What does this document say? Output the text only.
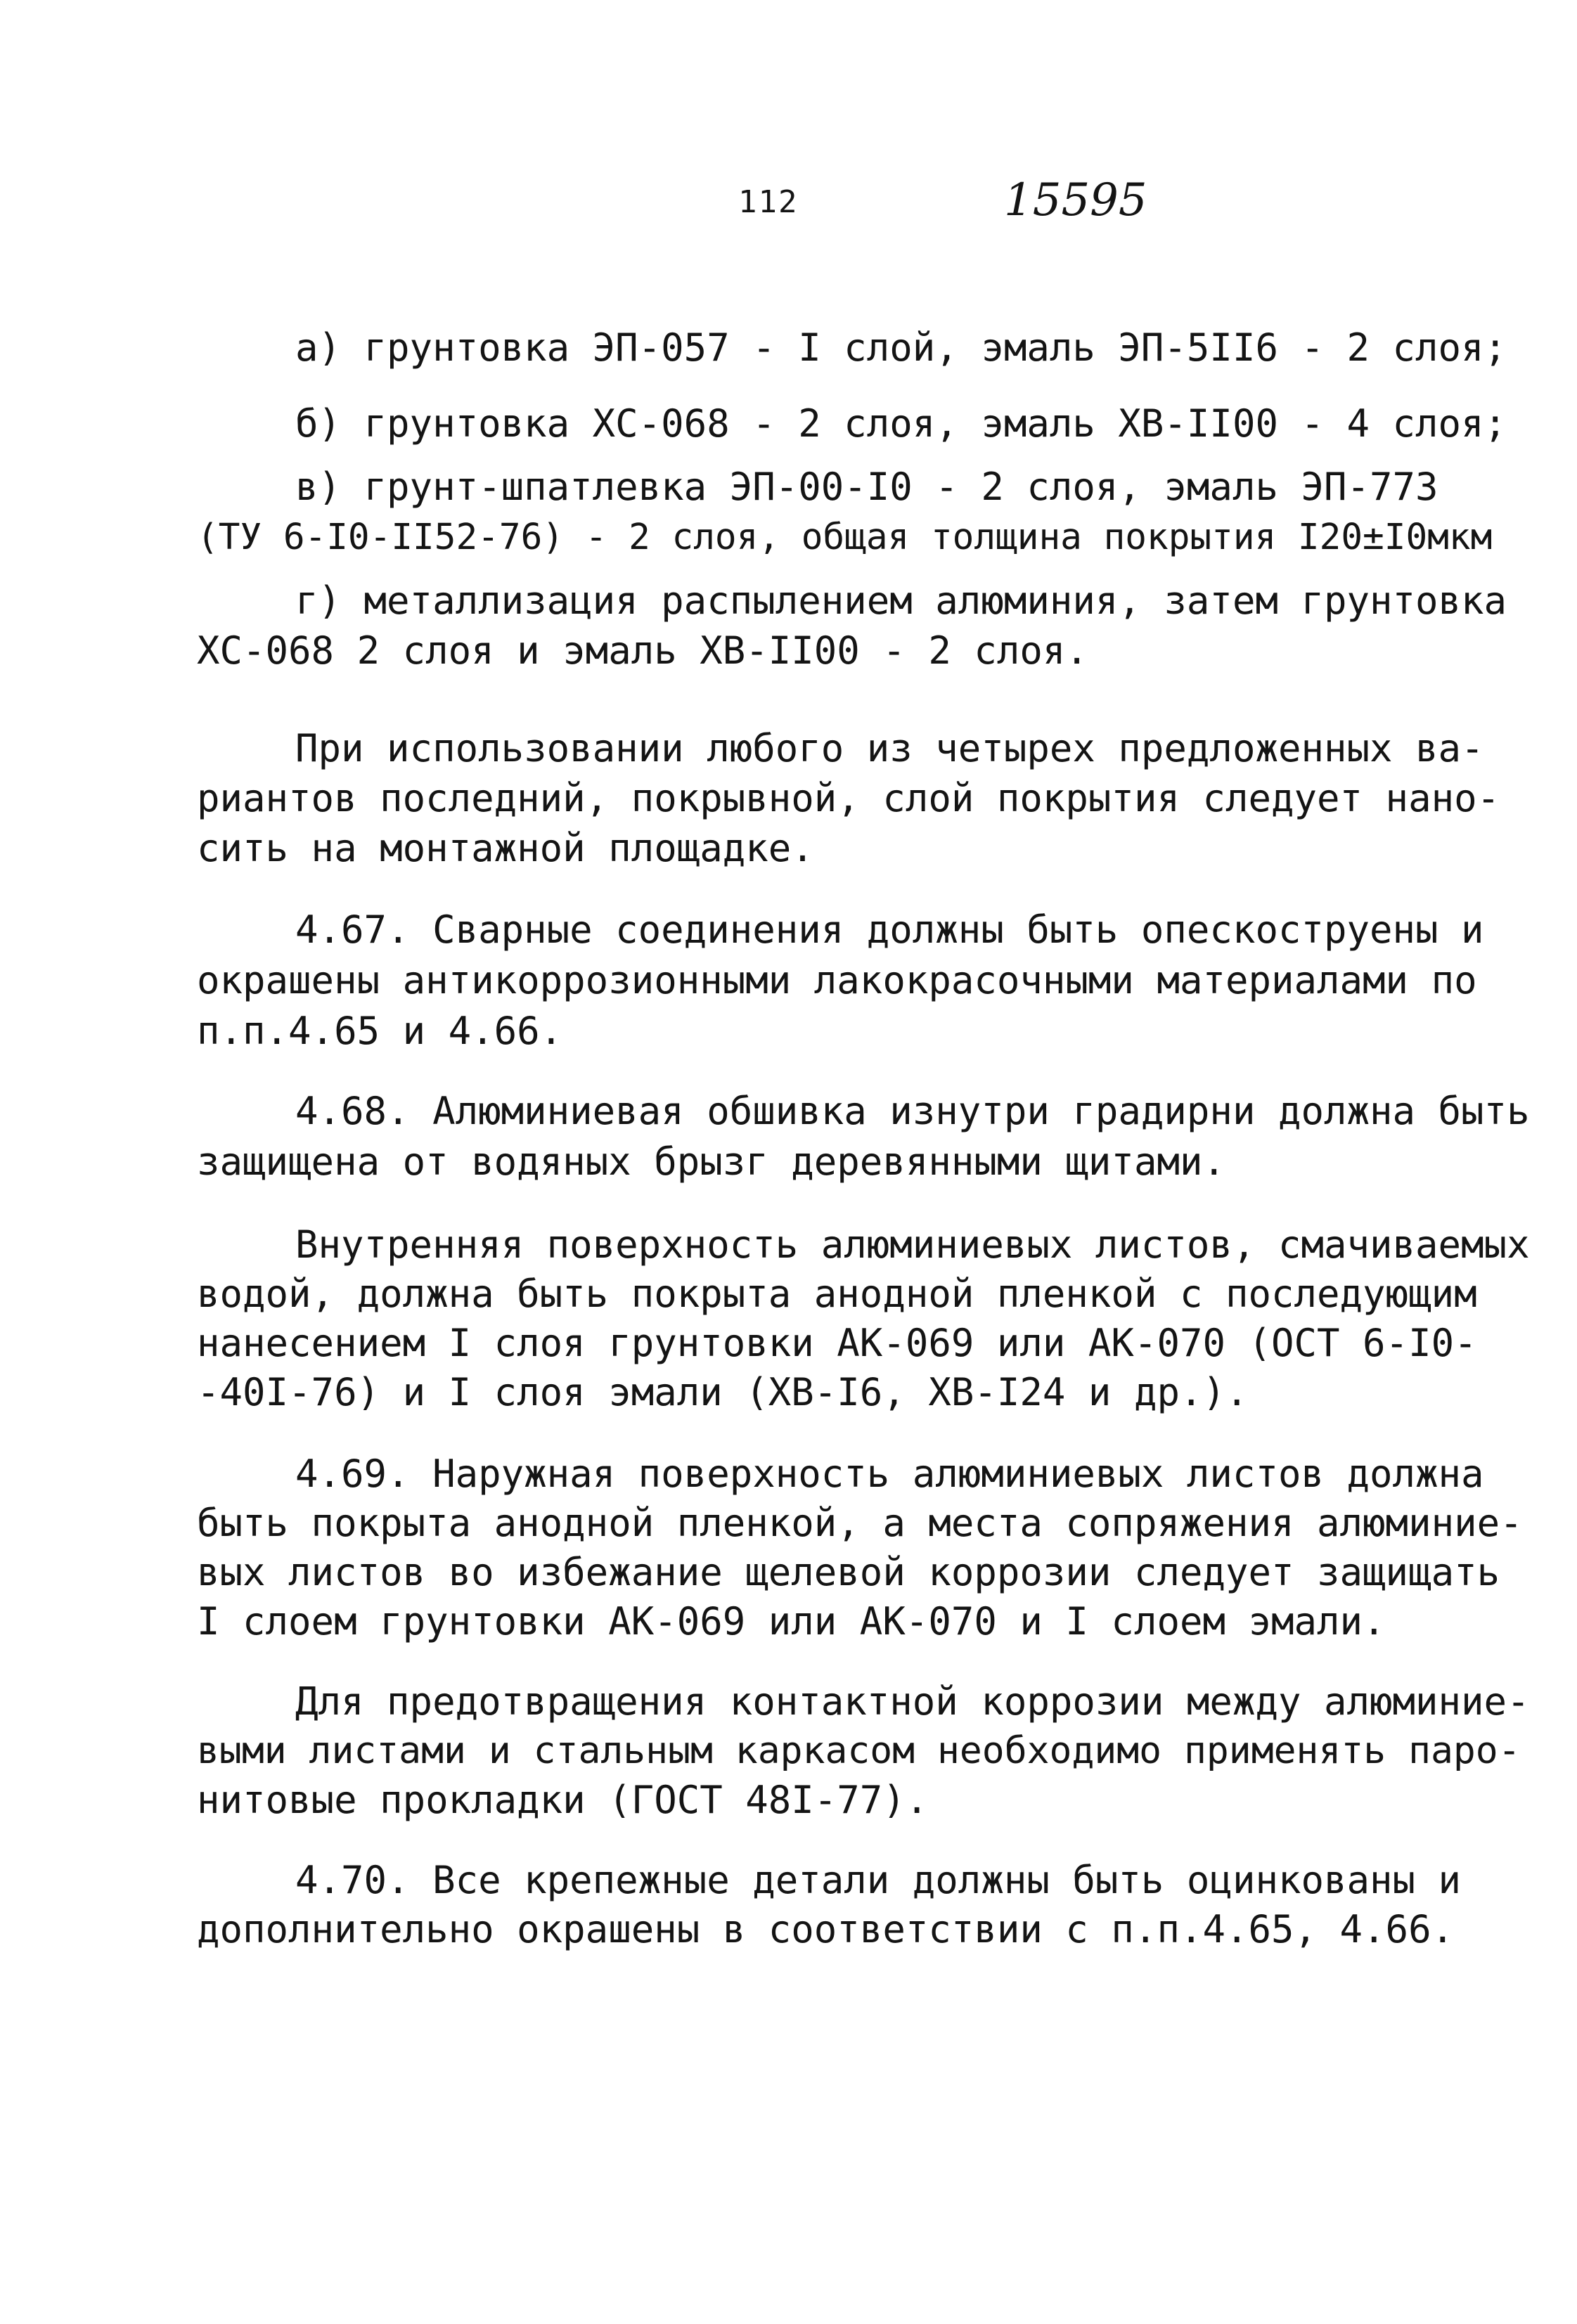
112	15595
а) грунтовка ЭП-057 - I слой, эмаль ЭП-5II6 - 2 слоя;
б) грунтовка ХС-068 - 2 слоя, эмаль ХВ-II00 - 4 слоя;
в) грунт-шпатлевка ЭП-00-I0 - 2 слоя, эмаль ЭП-773
(ТУ 6-I0-II52-76) - 2 слоя, общая толщина покрытия I20±I0мкм
г) металлизация распылением алюминия, затем грунтовка
ХС-068 2 слоя и эмаль ХВ-II00 - 2 слоя.
При использовании любого из четырех предложенных ва-
риантов последний, покрывной, слой покрытия следует нано-
сить на монтажной площадке.
4.67. Сварные соединения должны быть опескоструены и
окрашены антикоррозионными лакокрасочными материалами по
п.п.4.65 и 4.66.
4.68. Алюминиевая обшивка изнутри градирни должна быть
защищена от водяных брызг деревянными щитами.
Внутренняя поверхность алюминиевых листов, смачиваемых
водой, должна быть покрыта анодной пленкой с последующим
нанесением I слоя грунтовки АК-069 или АК-070 (ОСТ 6-I0-
-40I-76) и I слоя эмали (ХВ-I6, ХВ-I24 и др.).
4.69. Наружная поверхность алюминиевых листов должна
быть покрыта анодной пленкой, а места сопряжения алюминие-
вых листов во избежание щелевой коррозии следует защищать
I слоем грунтовки АК-069 или АК-070 и I слоем эмали.
Для предотвращения контактной коррозии между алюминие-
выми листами и стальным каркасом необходимо применять паро-
нитовые прокладки (ГОСТ 48I-77).
4.70. Все крепежные детали должны быть оцинкованы и
дополнительно окрашены в соответствии с п.п.4.65, 4.66.
